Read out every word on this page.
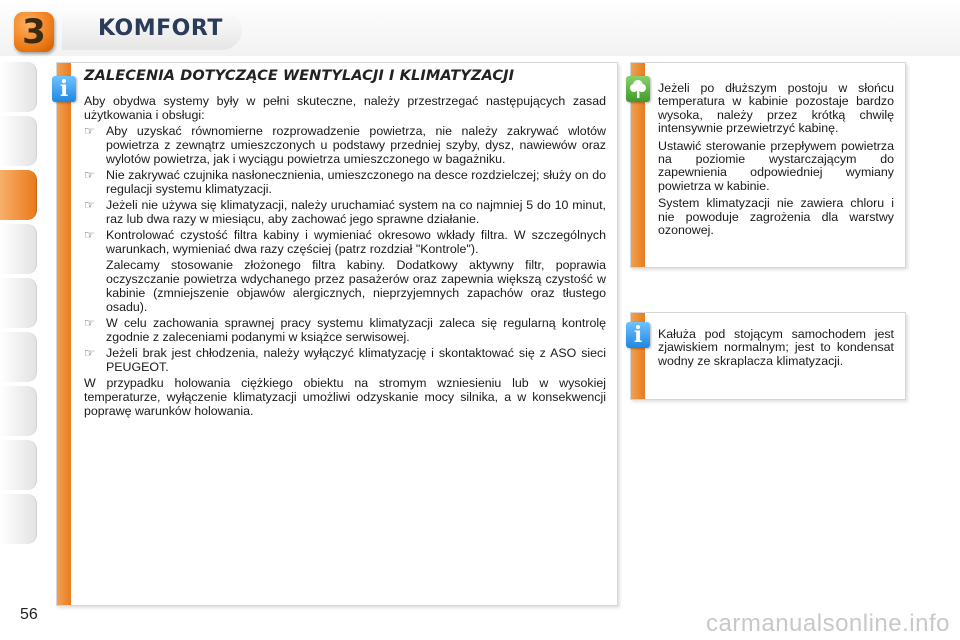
3	KOMFORT
56
i	ZALECENIA DOTYCZĄCE WENTYLACJI I KLIMATYZACJI

Aby obydwa systemy były w pełni skuteczne, należy przestrzegać następujących zasad użytkowania i obsługi:

☞ Aby uzyskać równomierne rozprowadzenie powietrza, nie należy zakrywać wlotów powietrza z zewnątrz umieszczonych u podstawy przedniej szyby, dysz, nawiewów oraz wylotów powietrza, jak i wyciągu powietrza umieszczonego w bagażniku.
☞ Nie zakrywać czujnika nasłonecznienia, umieszczonego na desce rozdzielczej; służy on do regulacji systemu klimatyzacji.
☞ Jeżeli nie używa się klimatyzacji, należy uruchamiać system na co najmniej 5 do 10 minut, raz lub dwa razy w miesiącu, aby zachować jego sprawne działanie.
☞ Kontrolować czystość filtra kabiny i wymieniać okresowo wkłady filtra. W szczególnych warunkach, wymieniać dwa razy częściej (patrz rozdział "Kontrole").

Zalecamy stosowanie złożonego filtra kabiny. Dodatkowy aktywny filtr, poprawia oczyszczanie powietrza wdychanego przez pasażerów oraz zapewnia większą czystość w kabinie (zmniejszenie objawów alergicznych, nieprzyjemnych zapachów oraz tłustego osadu).

☞ W celu zachowania sprawnej pracy systemu klimatyzacji zaleca się regularną kontrolę zgodnie z zaleceniami podanymi w książce serwisowej.
☞ Jeżeli brak jest chłodzenia, należy wyłączyć klimatyzację i skontaktować się z ASO sieci PEUGEOT.

W przypadku holowania ciężkiego obiektu na stromym wzniesieniu lub w wysokiej temperaturze, wyłączenie klimatyzacji umożliwi odzyskanie mocy silnika, a w konsekwencji poprawę warunków holowania.

Jeżeli po dłuższym postoju w słońcu temperatura w kabinie pozostaje bardzo wysoka, należy przez krótką chwilę intensywnie przewietrzyć kabinę.

Ustawić sterowanie przepływem powietrza na poziomie wystarczającym do zapewnienia odpowiedniej wymiany powietrza w kabinie.

System klimatyzacji nie zawiera chloru i nie powoduje zagrożenia dla warstwy ozonowej.

i	Kałuża pod stojącym samochodem jest zjawiskiem normalnym; jest to kondensat wodny ze skraplacza klimatyzacji.

carmanualsonline.info
